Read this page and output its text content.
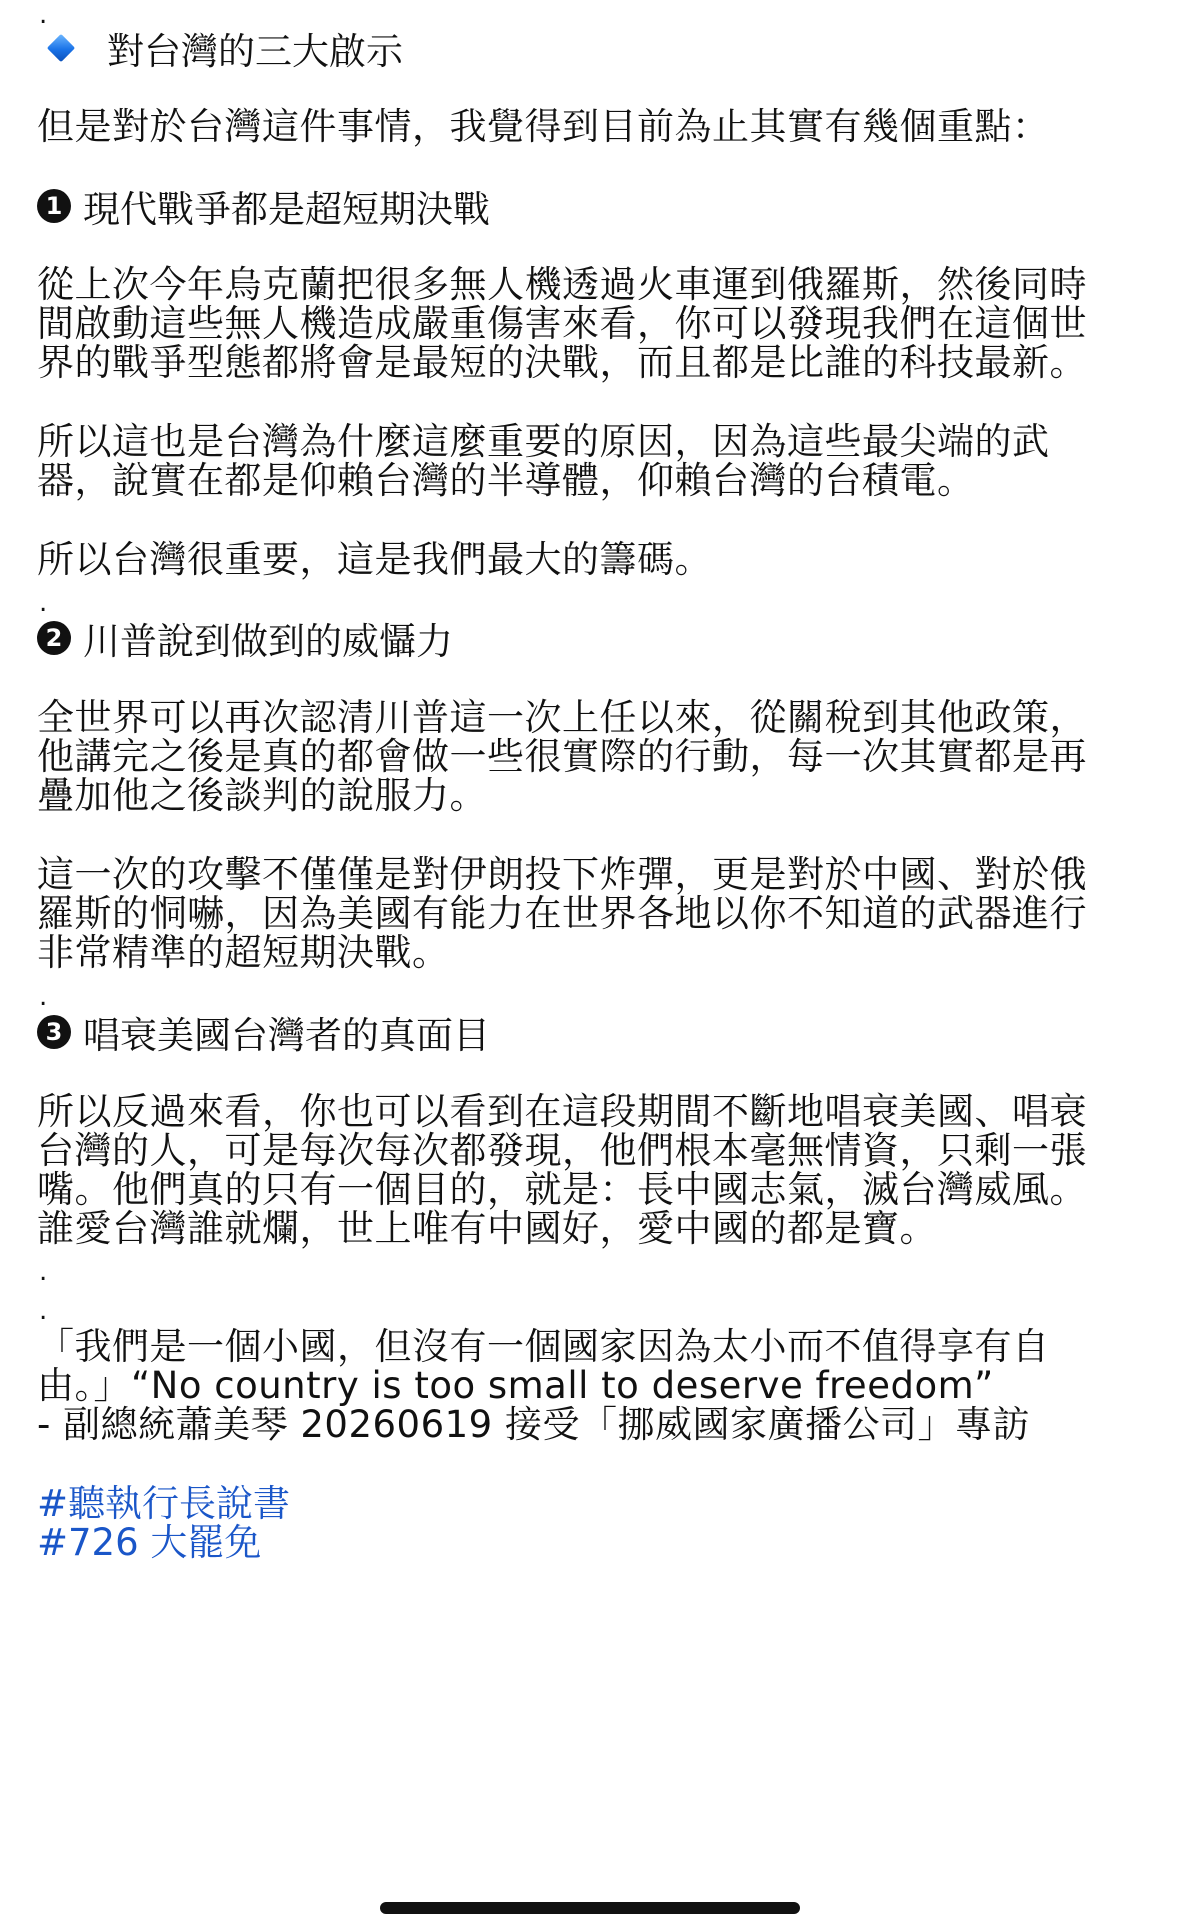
.
對台灣的三大啟示
但是對於台灣這件事情，我覺得到目前為止其實有幾個重點：
1 現代戰爭都是超短期決戰
從上次今年烏克蘭把很多無人機透過火車運到俄羅斯，然後同時
間啟動這些無人機造成嚴重傷害來看，你可以發現我們在這個世
界的戰爭型態都將會是最短的決戰，而且都是比誰的科技最新。
所以這也是台灣為什麼這麼重要的原因，因為這些最尖端的武
器，說實在都是仰賴台灣的半導體，仰賴台灣的台積電。
所以台灣很重要，這是我們最大的籌碼。
.
2 川普說到做到的威懾力
全世界可以再次認清川普這一次上任以來，從關稅到其他政策，
他講完之後是真的都會做一些很實際的行動，每一次其實都是再
疊加他之後談判的說服力。
這一次的攻擊不僅僅是對伊朗投下炸彈，更是對於中國、對於俄
羅斯的恫嚇，因為美國有能力在世界各地以你不知道的武器進行
非常精準的超短期決戰。
.
3 唱衰美國台灣者的真面目
所以反過來看，你也可以看到在這段期間不斷地唱衰美國、唱衰
台灣的人，可是每次每次都發現，他們根本毫無情資，只剩一張
嘴。他們真的只有一個目的，就是：長中國志氣，滅台灣威風。
誰愛台灣誰就爛，世上唯有中國好，愛中國的都是寶。
.
.
「我們是一個小國，但沒有一個國家因為太小而不值得享有自
由。」“No country is too small to deserve freedom”
- 副總統蕭美琴 20260619 接受「挪威國家廣播公司」專訪
#聽執行長說書
#726 大罷免
